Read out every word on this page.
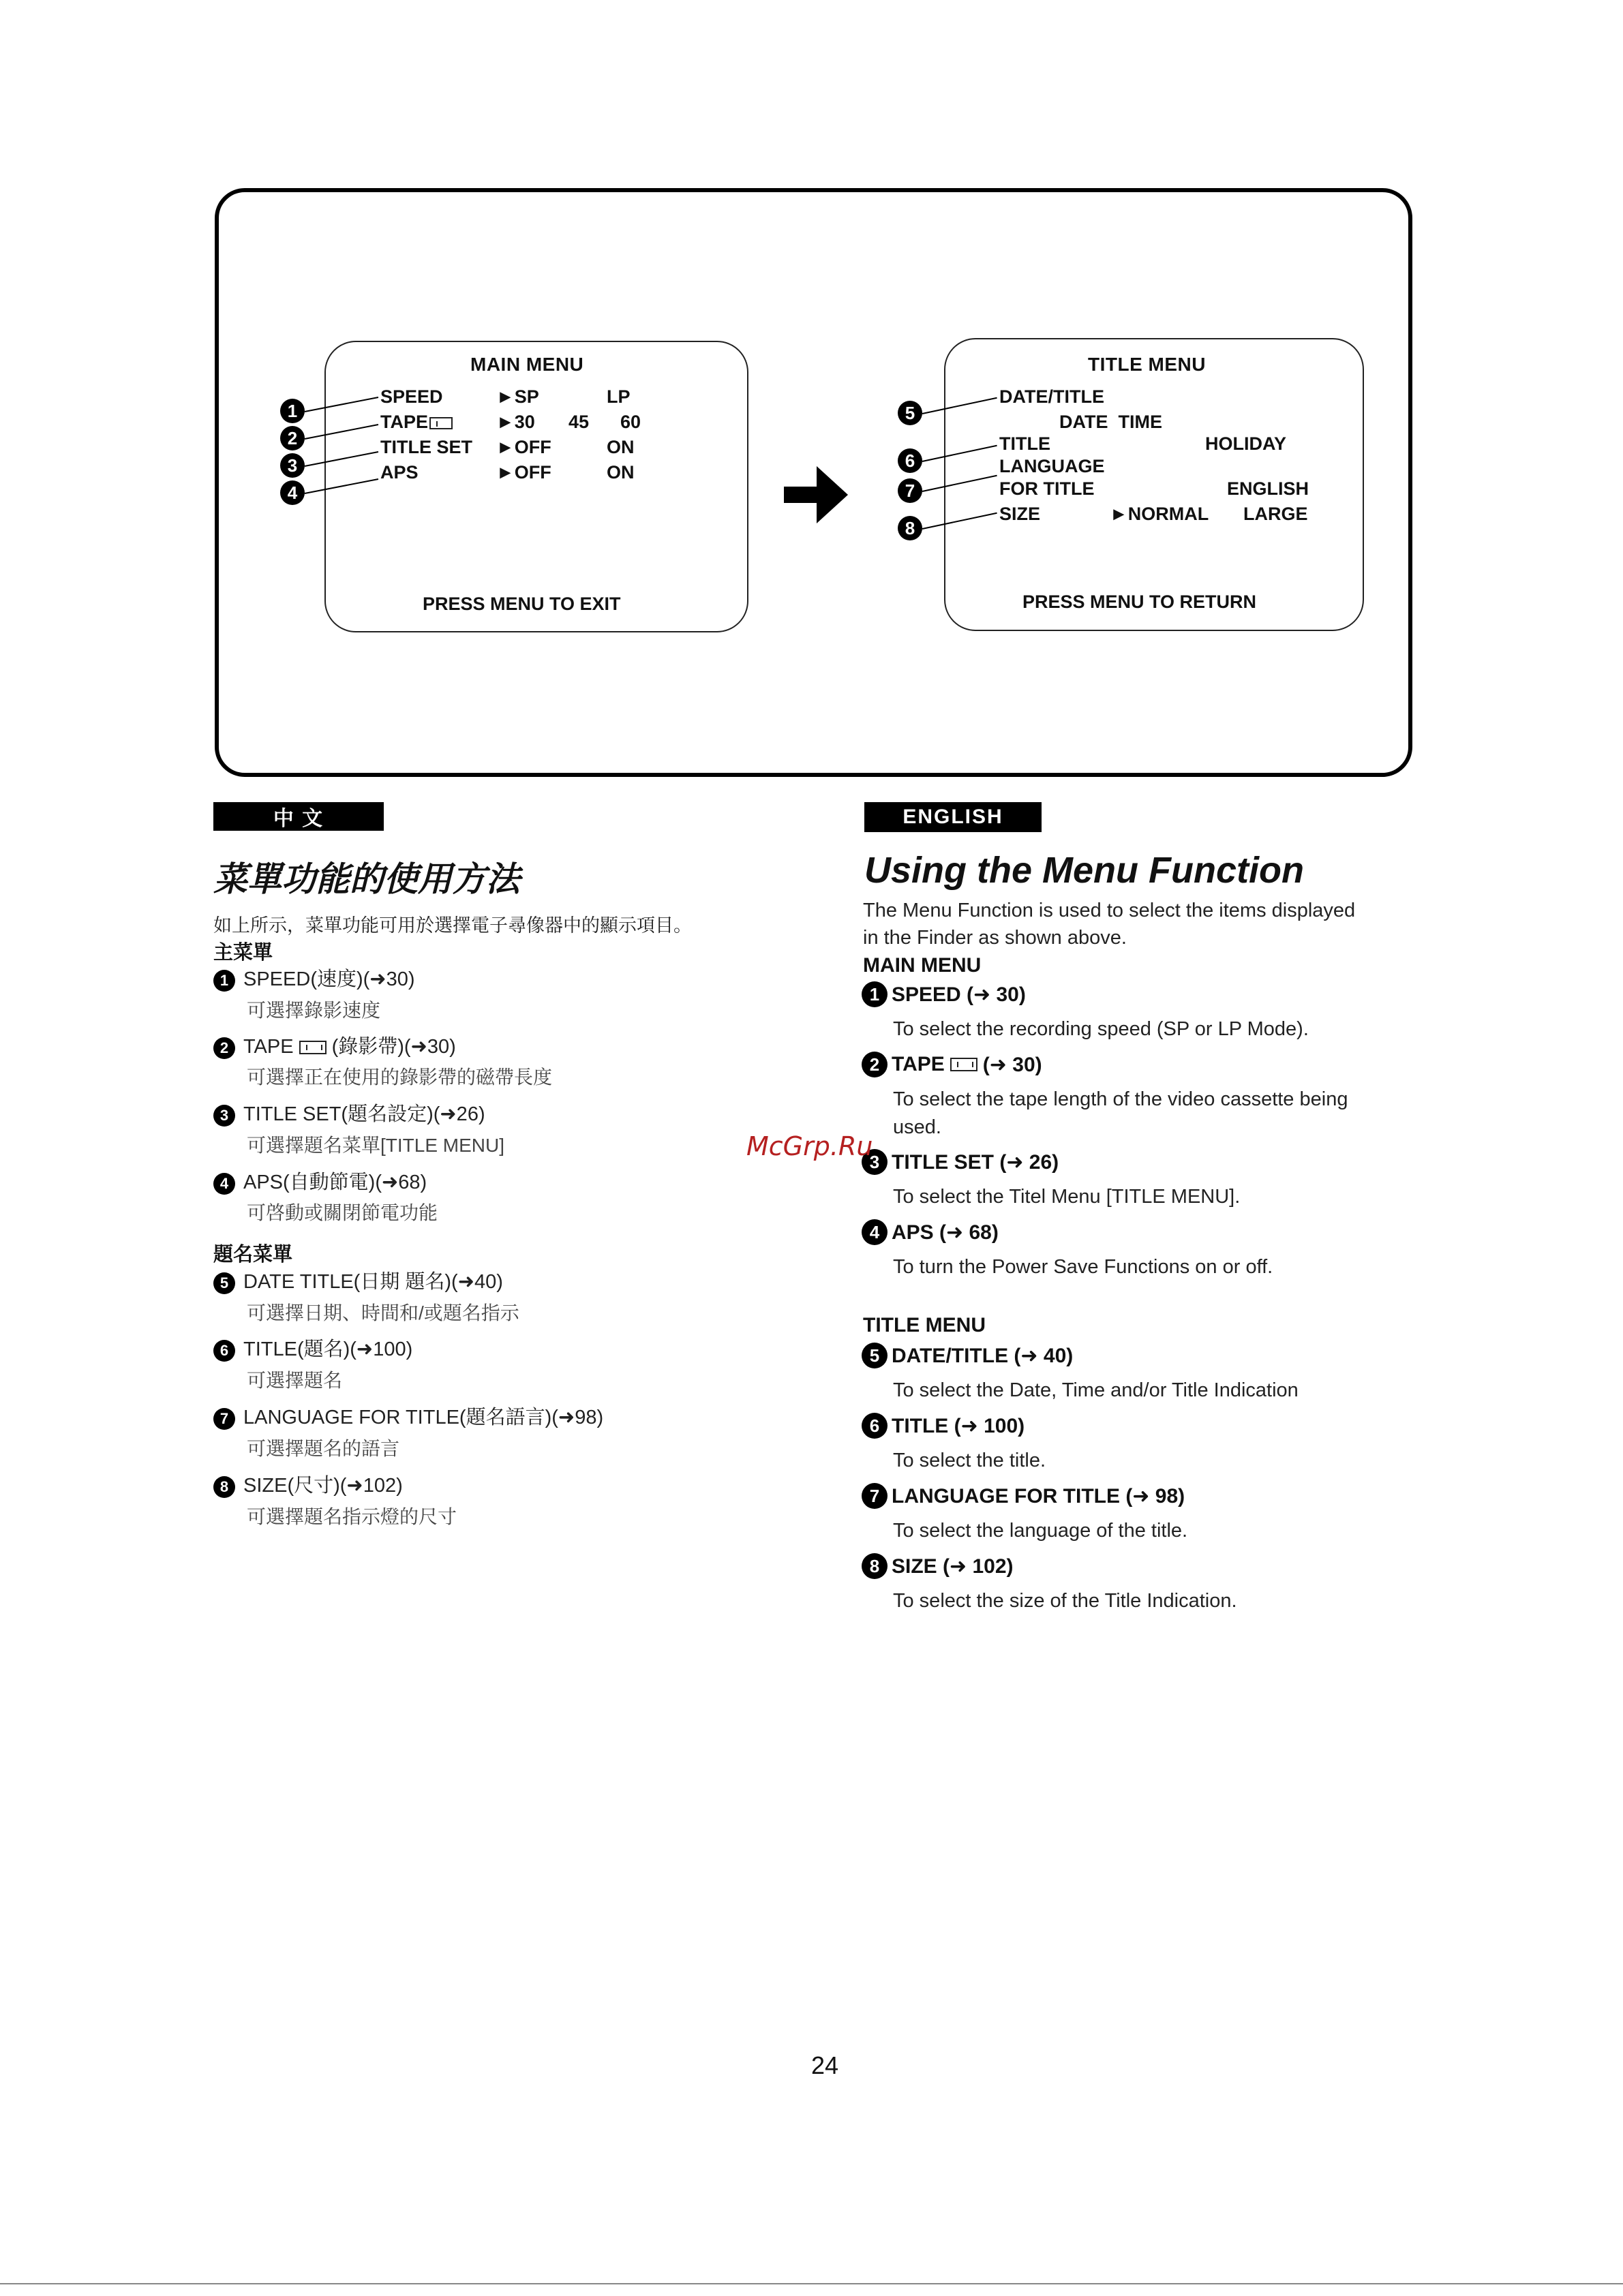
MAIN MENU
SPEED	►SP	LP
TAPE	►30 45 60
TITLE SET ►OFF	ON
APS	►OFF	ON
PRESS MENU TO EXIT
1
2
3
4
TITLE MENU
DATE/TITLE
DATE  TIME
TITLE	HOLIDAY
LANGUAGE
FOR TITLE	ENGLISH
SIZE	►NORMAL LARGE
PRESS MENU TO RETURN
5
6
7
8
中 文	ENGLISH
菜單功能的使用方法
如上所示，菜單功能可用於選擇電子尋像器中的顯示項目。
主菜單
1 SPEED(速度)(➜30)
可選擇錄影速度
2 TAPE (錄影帶)(➜30)
可選擇正在使用的錄影帶的磁帶長度
3 TITLE SET(題名設定)(➜26)
可選擇題名菜單[TITLE MENU]
4 APS(自動節電)(➜68)
可啓動或關閉節電功能
題名菜單
5 DATE TITLE(日期 題名)(➜40)
可選擇日期、時間和/或題名指示
6 TITLE(題名)(➜100)
可選擇題名
7 LANGUAGE FOR TITLE(題名語言)(➜98)
可選擇題名的語言
8 SIZE(尺寸)(➜102)
可選擇題名指示燈的尺寸
Using the Menu Function
The Menu Function is used to select the items displayed
in the Finder as shown above.
MAIN MENU
1 SPEED (➜ 30)
To select the recording speed (SP or LP Mode).
2 TAPE (➜ 30)
To select the tape length of the video cassette being
used.
3 TITLE SET (➜ 26)
To select the Titel Menu [TITLE MENU].
4 APS (➜ 68)
To turn the Power Save Functions on or off.
TITLE MENU
5 DATE/TITLE (➜ 40)
To select the Date, Time and/or Title Indication
6 TITLE (➜ 100)
To select the title.
7 LANGUAGE FOR TITLE (➜ 98)
To select the language of the title.
8 SIZE (➜ 102)
To select the size of the Title Indication.
McGrp.Ru
24
